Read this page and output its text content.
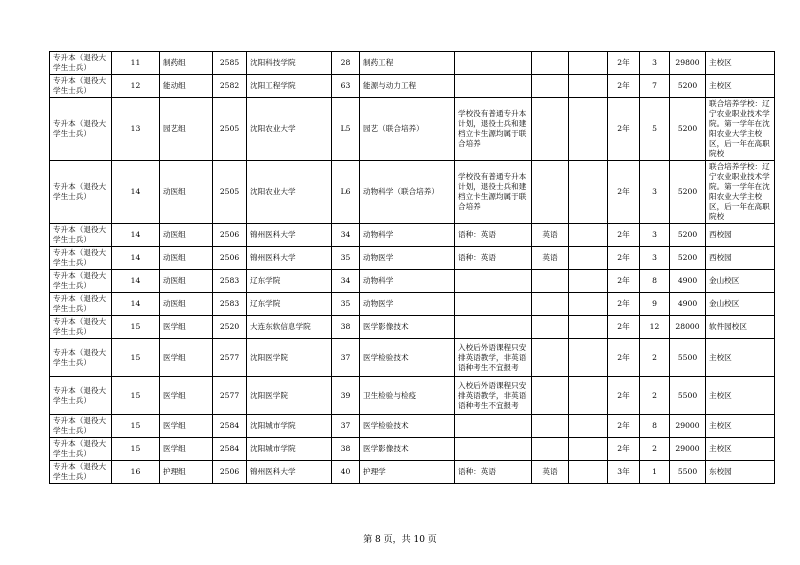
专升本（退役大学生士兵）	11	制药组	2585	沈阳科技学院	28	制药工程				2年	3	29800	主校区
专升本（退役大学生士兵）	12	能动组	2582	沈阳工程学院	63	能源与动力工程				2年	7	5200	主校区
专升本（退役大学生士兵）	13	园艺组	2505	沈阳农业大学	L5	园艺（联合培养）	学校没有普通专升本计划，退役士兵和建档立卡生源均属于联合培养			2年	5	5200	联合培养学校：辽宁农业职业技术学院。第一学年在沈阳农业大学主校区，后一年在高职院校
专升本（退役大学生士兵）	14	动医组	2505	沈阳农业大学	L6	动物科学（联合培养）	学校没有普通专升本计划，退役士兵和建档立卡生源均属于联合培养			2年	3	5200	联合培养学校：辽宁农业职业技术学院。第一学年在沈阳农业大学主校区，后一年在高职院校
专升本（退役大学生士兵）	14	动医组	2506	锦州医科大学	34	动物科学	语种：英语	英语		2年	3	5200	西校园
专升本（退役大学生士兵）	14	动医组	2506	锦州医科大学	35	动物医学	语种：英语	英语		2年	3	5200	西校园
专升本（退役大学生士兵）	14	动医组	2583	辽东学院	34	动物科学				2年	8	4900	金山校区
专升本（退役大学生士兵）	14	动医组	2583	辽东学院	35	动物医学				2年	9	4900	金山校区
专升本（退役大学生士兵）	15	医学组	2520	大连东软信息学院	38	医学影像技术				2年	12	28000	软件园校区
专升本（退役大学生士兵）	15	医学组	2577	沈阳医学院	37	医学检验技术	入校后外语课程只安排英语教学，非英语语种考生不宜报考			2年	2	5500	主校区
专升本（退役大学生士兵）	15	医学组	2577	沈阳医学院	39	卫生检验与检疫	入校后外语课程只安排英语教学，非英语语种考生不宜报考			2年	2	5500	主校区
专升本（退役大学生士兵）	15	医学组	2584	沈阳城市学院	37	医学检验技术				2年	8	29000	主校区
专升本（退役大学生士兵）	15	医学组	2584	沈阳城市学院	38	医学影像技术				2年	2	29000	主校区
专升本（退役大学生士兵）	16	护理组	2506	锦州医科大学	40	护理学	语种：英语	英语		3年	1	5500	东校园
第 8 页，共 10 页
